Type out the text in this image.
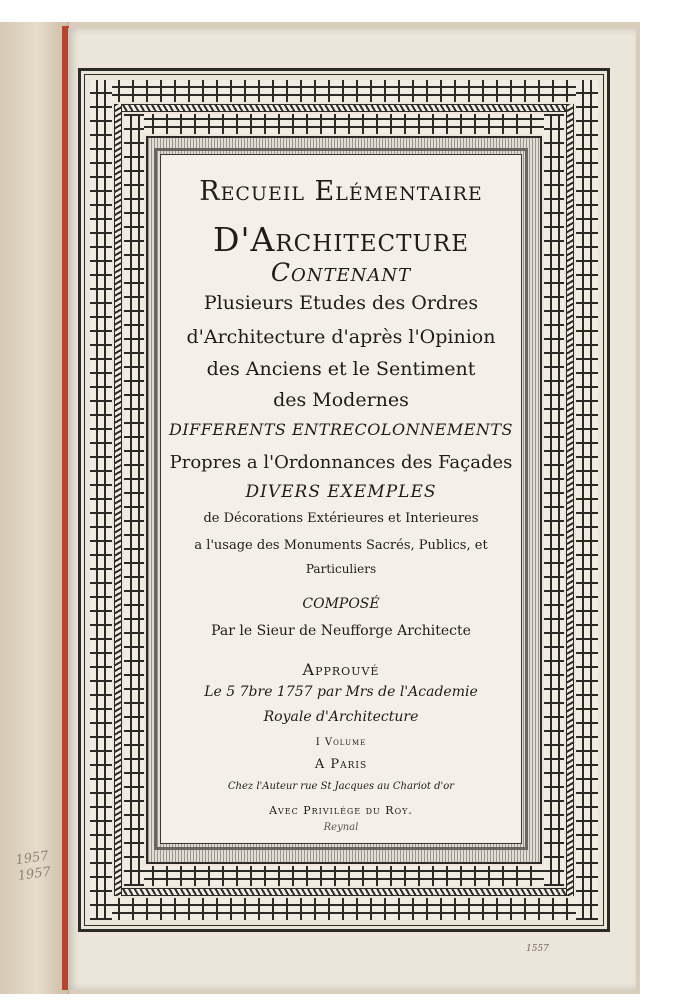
1957 1957
Recueil Elémentaire
D'Architecture
Contenant
Plusieurs Etudes des Ordres
d'Architecture d'après l'Opinion
des Anciens et le Sentiment
des Modernes
DIFFERENTS ENTRECOLONNEMENTS
Propres a l'Ordonnances des Façades
DIVERS EXEMPLES
de Décorations Extérieures et Interieures
a l'usage des Monuments Sacrés, Publics, et
Particuliers
COMPOSÉ
Par le Sieur de Neufforge Architecte
Approuvé
Le 5 7bre 1757 par Mrs de l'Academie
Royale d'Architecture
I Volume
A Paris
Chez l'Auteur rue St Jacques au Chariot d'or
Avec Privilége du Roy.
Reynal
1557
